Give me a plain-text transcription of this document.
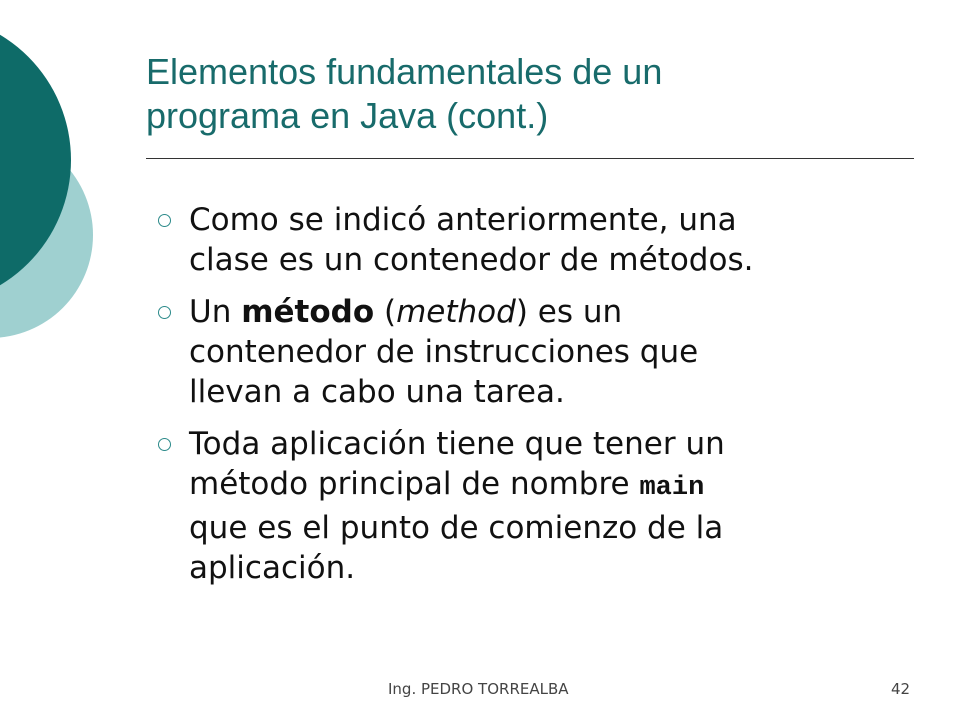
Elementos fundamentales de un
programa en Java (cont.)
Como se indicó anteriormente, una
clase es un contenedor de métodos.
Un método (method) es un
contenedor de instrucciones que
llevan a cabo una tarea.
Toda aplicación tiene que tener un
método principal de nombre main
que es el punto de comienzo de la
aplicación.
Ing. PEDRO TORREALBA	42
